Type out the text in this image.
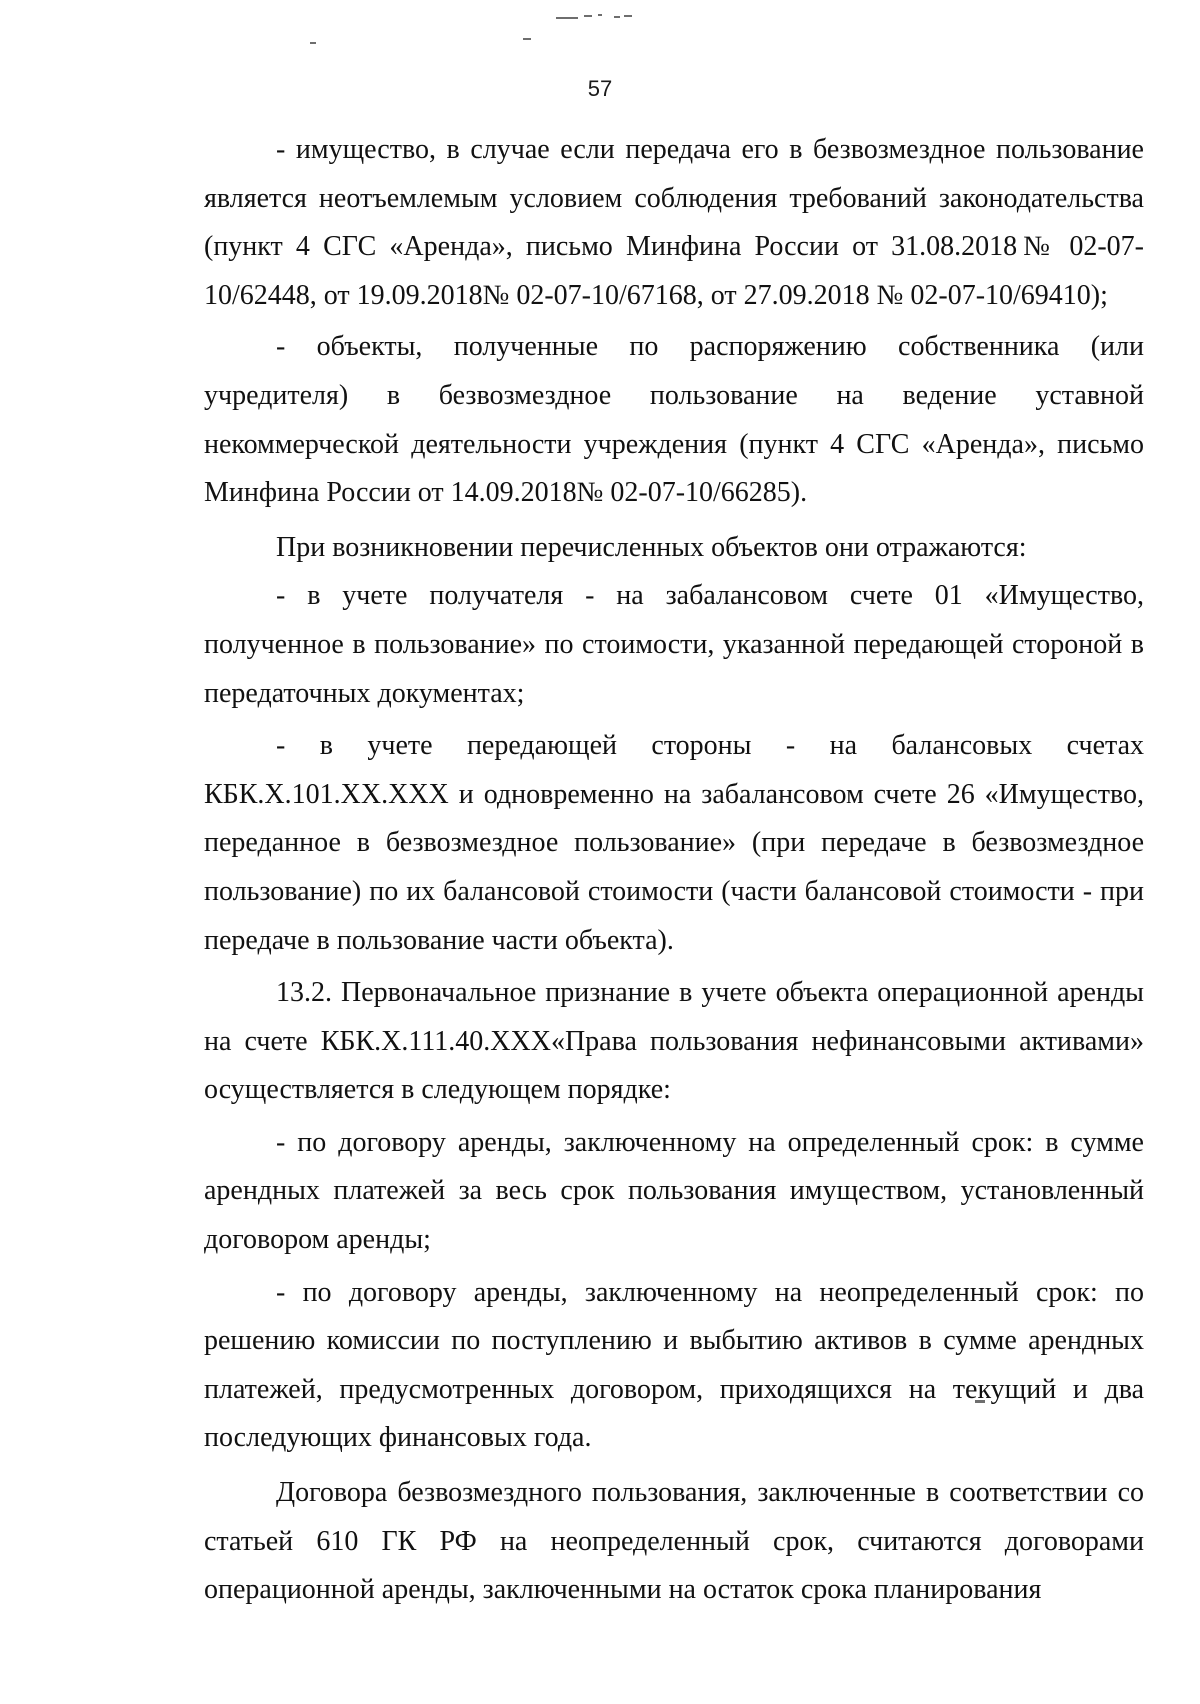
57

- имущество, в случае если передача его в безвозмездное пользование является неотъемлемым условием соблюдения требований законодательства (пункт 4 СГС «Аренда», письмо Минфина России от 31.08.2018№ 02-07-10/62448, от 19.09.2018№ 02-07-10/67168, от 27.09.2018 № 02-07-10/69410);

- объекты, полученные по распоряжению собственника (или учредителя) в безвозмездное пользование на ведение уставной некоммерческой деятельности учреждения (пункт 4 СГС «Аренда», письмо Минфина России от 14.09.2018№ 02-07-10/66285).

При возникновении перечисленных объектов они отражаются:

- в учете получателя - на забалансовом счете 01 «Имущество, полученное в пользование» по стоимости, указанной передающей стороной в передаточных документах;

- в учете передающей стороны - на балансовых счетах КБК.Х.101.ХХ.ХХХ и одновременно на забалансовом счете 26 «Имущество, переданное в безвозмездное пользование» (при передаче в безвозмездное пользование) по их балансовой стоимости (части балансовой стоимости - при передаче в пользование части объекта).

13.2. Первоначальное признание в учете объекта операционной аренды на счете КБК.Х.111.40.ХХХ«Права пользования нефинансовыми активами» осуществляется в следующем порядке:

- по договору аренды, заключенному на определенный срок: в сумме арендных платежей за весь срок пользования имуществом, установленный договором аренды;

- по договору аренды, заключенному на неопределенный срок: по решению комиссии по поступлению и выбытию активов в сумме арендных платежей, предусмотренных договором, приходящихся на текущий и два последующих финансовых года.

Договора безвозмездного пользования, заключенные в соответствии со статьей 610 ГК РФ на неопределенный срок, считаются договорами операционной аренды, заключенными на остаток срока планирования
